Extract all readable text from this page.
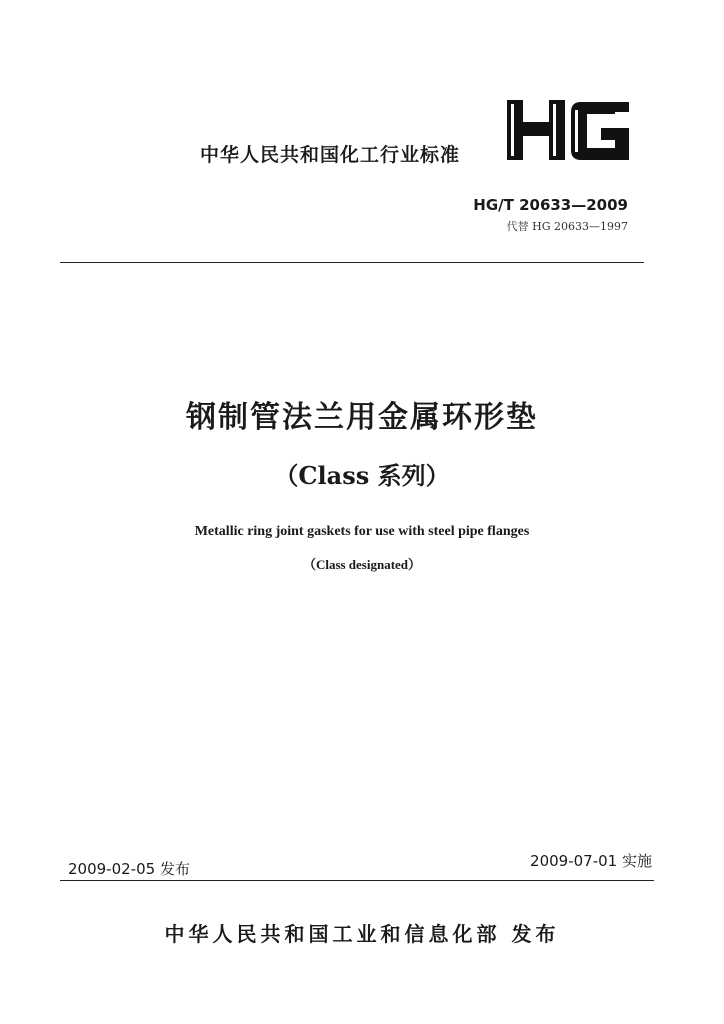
中华人民共和国化工行业标准
HG/T 20633—2009
代替 HG 20633—1997
钢制管法兰用金属环形垫
（Class 系列）
Metallic ring joint gaskets for use with steel pipe flanges
（Class designated）
2009-02-05 发布	2009-07-01 实施
中华人民共和国工业和信息化部 发布
